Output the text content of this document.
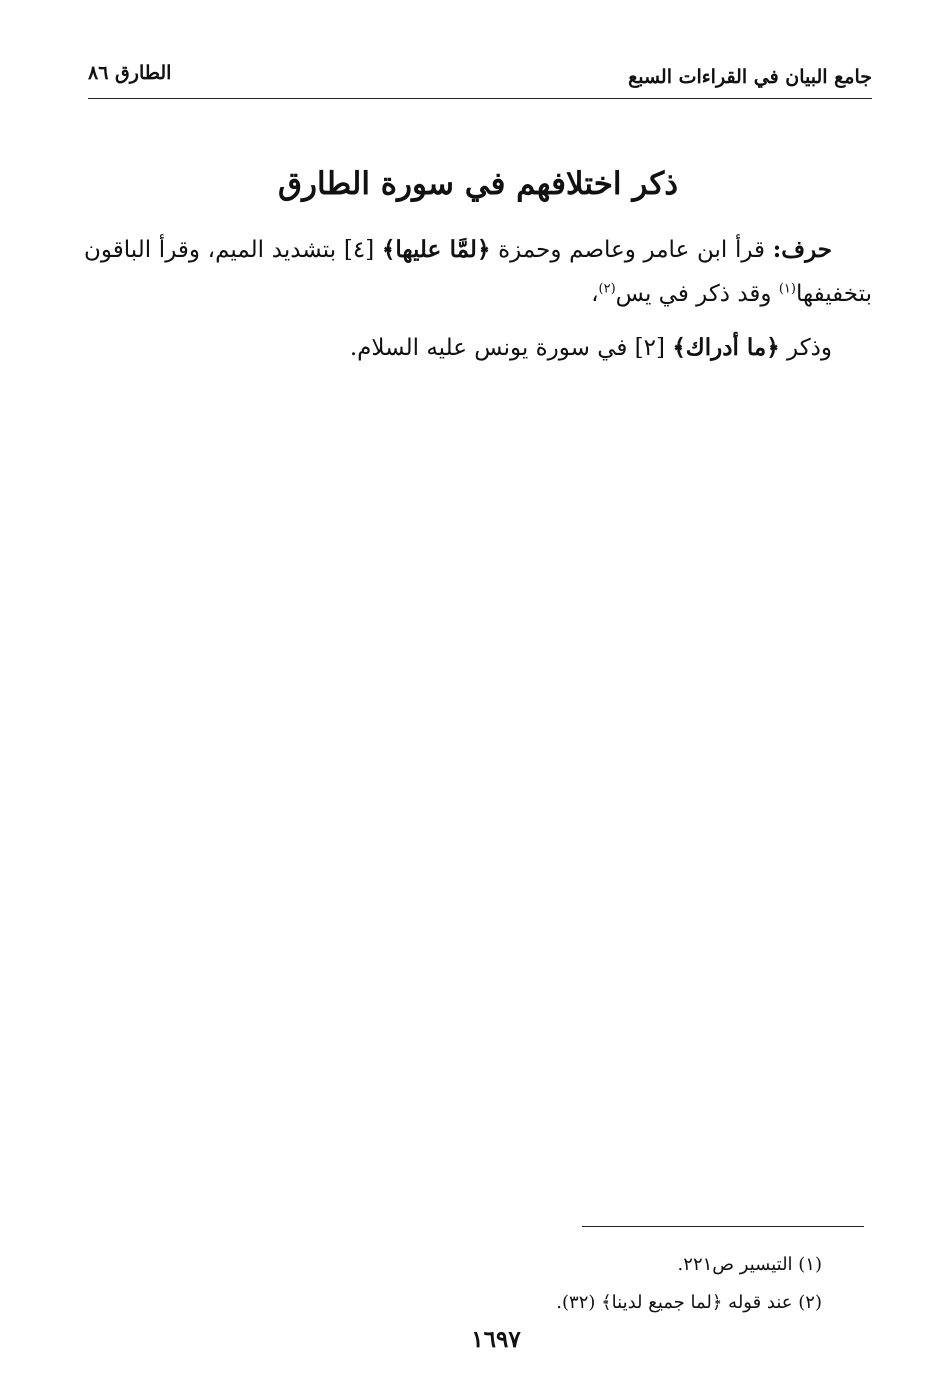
جامع البيان في القراءات السبع
الطارق ٨٦
ذكر اختلافهم في سورة الطارق

حرف: قرأ ابن عامر وعاصم وحمزة ﴿لمَّا عليها﴾ [٤] بتشديد الميم، وقرأ الباقون بتخفيفها$^{(١)}$ وقد ذكر في يس$^{(٢)}$،

وذكر ﴿ما أدراك﴾ [٢] في سورة يونس عليه السلام.

(١) التيسير ص٢٢١.

(٢) عند قوله ﴿لما جميع لدينا﴾ (٣٢).

١٦٩٧
